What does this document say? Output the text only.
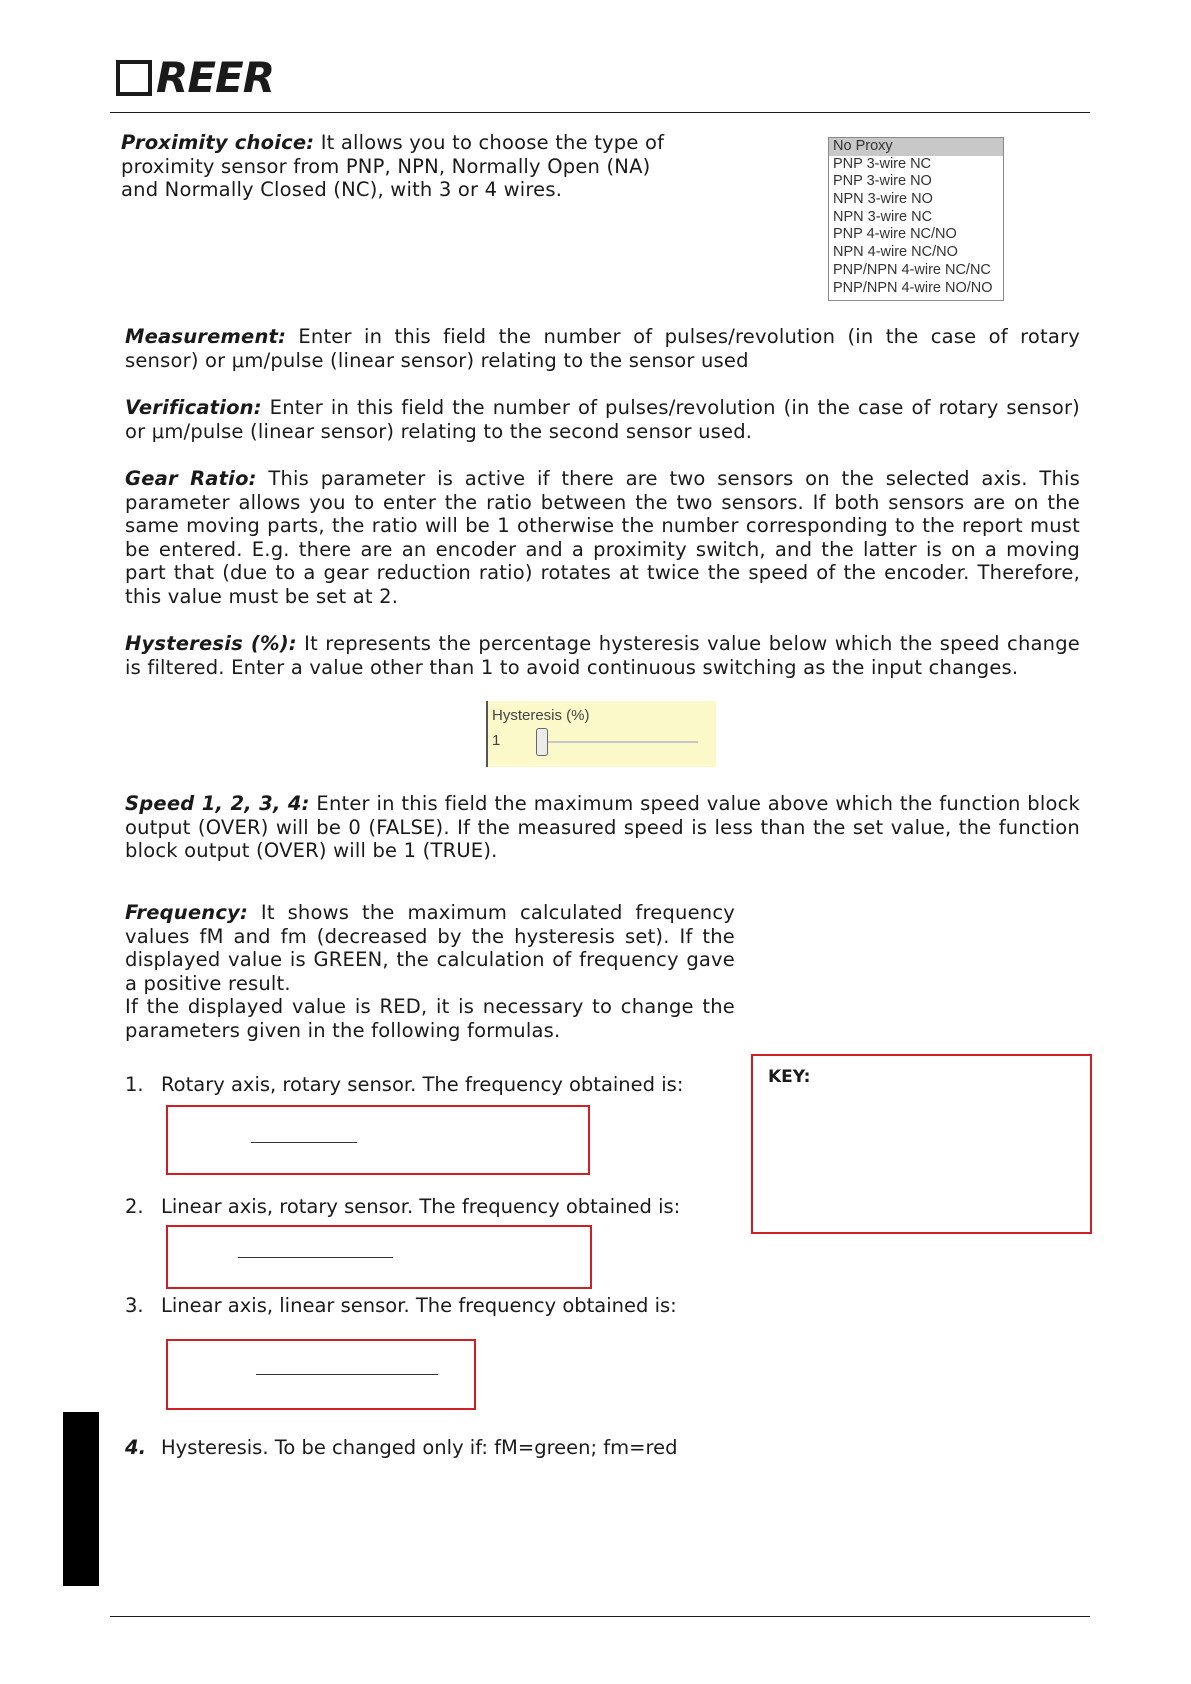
REER
Proximity choice: It allows you to choose the type of proximity sensor from PNP, NPN, Normally Open (NA) and Normally Closed (NC), with 3 or 4 wires.
No Proxy
PNP 3-wire NC
PNP 3-wire NO
NPN 3-wire NO
NPN 3-wire NC
PNP 4-wire NC/NO
NPN 4-wire NC/NO
PNP/NPN 4-wire NC/NC
PNP/NPN 4-wire NO/NO
Measurement: Enter in this field the number of pulses/revolution (in the case of rotary sensor) or μm/pulse (linear sensor) relating to the sensor used
Verification: Enter in this field the number of pulses/revolution (in the case of rotary sensor) or μm/pulse (linear sensor) relating to the second sensor used.
Gear Ratio: This parameter is active if there are two sensors on the selected axis. This parameter allows you to enter the ratio between the two sensors. If both sensors are on the same moving parts, the ratio will be 1 otherwise the number corresponding to the report must be entered. E.g. there are an encoder and a proximity switch, and the latter is on a moving part that (due to a gear reduction ratio) rotates at twice the speed of the encoder. Therefore, this value must be set at 2.
Hysteresis (%): It represents the percentage hysteresis value below which the speed change is filtered. Enter a value other than 1 to avoid continuous switching as the input changes.
Hysteresis (%)
1
Speed 1, 2, 3, 4: Enter in this field the maximum speed value above which the function block output (OVER) will be 0 (FALSE). If the measured speed is less than the set value, the function block output (OVER) will be 1 (TRUE).
Frequency: It shows the maximum calculated frequency values fM and fm (decreased by the hysteresis set). If the displayed value is GREEN, the calculation of frequency gave a positive result.
If the displayed value is RED, it is necessary to change the parameters given in the following formulas.
1. Rotary axis, rotary sensor. The frequency obtained is:
2. Linear axis, rotary sensor. The frequency obtained is:
3. Linear axis, linear sensor. The frequency obtained is:
4. Hysteresis. To be changed only if: fM=green; fm=red
KEY:
